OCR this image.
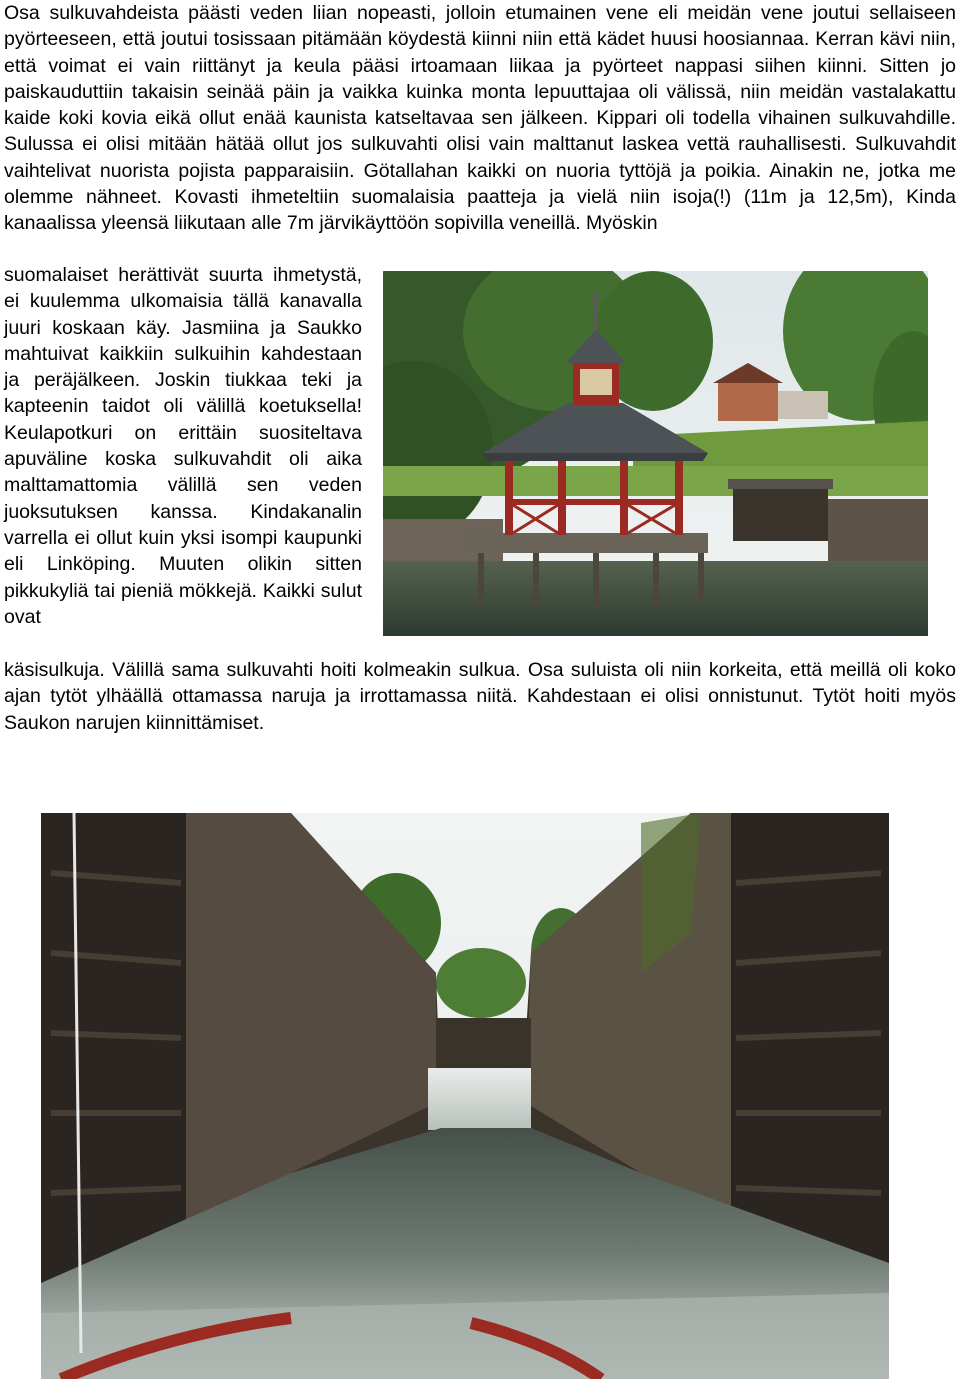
Osa sulkuvahdeista päästi veden liian nopeasti, jolloin etumainen vene eli meidän vene joutui sellaiseen pyörteeseen, että joutui tosissaan pitämään köydestä kiinni niin että kädet huusi hoosiannaa. Kerran kävi niin, että voimat ei vain riittänyt ja keula pääsi irtoamaan liikaa ja pyörteet nappasi siihen kiinni. Sitten jo paiskauduttiin takaisin seinää päin ja vaikka kuinka monta lepuuttajaa oli välissä, niin meidän vastalakattu kaide koki kovia eikä ollut enää kaunista katseltavaa sen jälkeen. Kippari oli todella vihainen sulkuvahdille. Sulussa ei olisi mitään hätää ollut jos sulkuvahti olisi vain malttanut laskea vettä rauhallisesti. Sulkuvahdit vaihtelivat nuorista pojista papparaisiin. Götallahan kaikki on nuoria tyttöjä ja poikia. Ainakin ne, jotka me olemme nähneet. Kovasti ihmeteltiin suomalaisia paatteja ja vielä niin isoja(!) (11m ja 12,5m), Kinda kanaalissa yleensä liikutaan alle 7m järvikäyttöön sopivilla veneillä. Myöskin

suomalaiset herättivät suurta ihmetystä, ei kuulemma ulkomaisia tällä kanavalla juuri koskaan käy. Jasmiina ja Saukko mahtuivat kaikkiin sulkuihin kahdestaan ja peräjälkeen. Joskin tiukkaa teki ja kapteenin taidot oli välillä koetuksella! Keulapotkuri on erittäin suositeltava apuväline koska sulkuvahdit oli aika malttamattomia välillä sen veden juoksutuksen kanssa. Kindakanalin varrella ei ollut kuin yksi isompi kaupunki eli Linköping. Muuten olikin sitten pikkukyliä tai pieniä mökkejä. Kaikki sulut ovat

käsisulkuja. Välillä sama sulkuvahti hoiti kolmeakin sulkua. Osa suluista oli niin korkeita, että meillä oli koko ajan tytöt ylhäällä ottamassa naruja ja irrottamassa niitä. Kahdestaan ei olisi onnistunut. Tytöt hoiti myös Saukon narujen kiinnittämiset.
